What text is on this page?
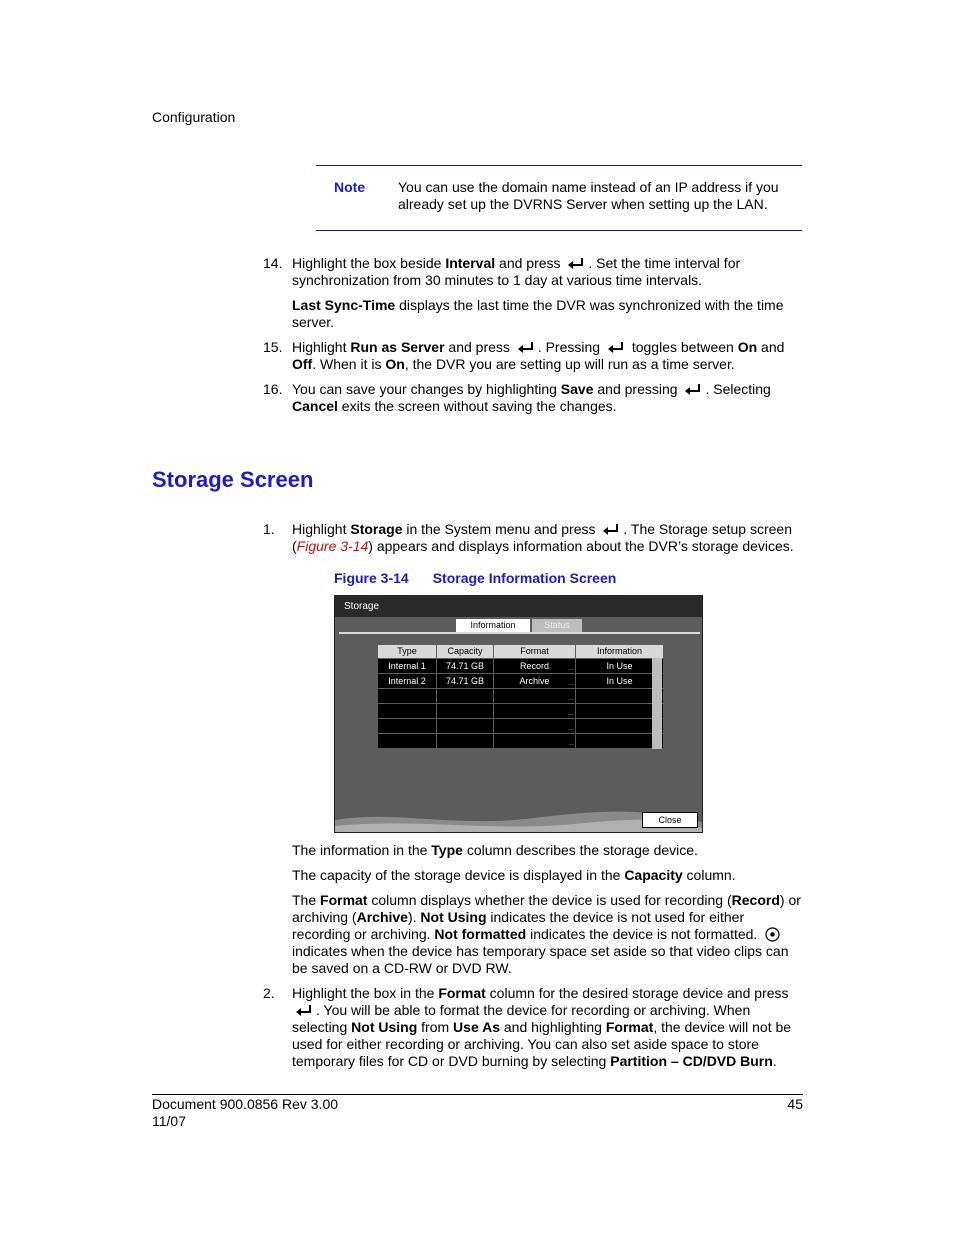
Configuration
Note You can use the domain name instead of an IP address if you already set up the DVRNS Server when setting up the LAN.
14. Highlight the box beside Interval and press
. Set the time interval for synchronization from 30 minutes to 1 day at various time intervals.
Last Sync-Time displays the last time the DVR was synchronized with the time server.
15. Highlight Run as Server and press
. Pressing
toggles between On and Off. When it is On, the DVR you are setting up will run as a time server.
16. You can save your changes by highlighting Save and pressing
. Selecting Cancel exits the screen without saving the changes.
Storage Screen
1. Highlight Storage in the System menu and press
. The Storage setup screen (Figure 3-14) appears and displays information about the DVR’s storage devices.
Figure 3-14 Storage Information Screen
Storage
Information	Status
Type	Capacity	Format	Information
Internal 1	74.71 GB	Record ...	In Use ...
Internal 2	74.71 GB	Archive ...	In Use ...
		...	...
		...	...
		...	...
		...	...
Close
The information in the Type column describes the storage device.
The capacity of the storage device is displayed in the Capacity column.
The Format column displays whether the device is used for recording (Record) or archiving (Archive). Not Using indicates the device is not used for either recording or archiving. Not formatted indicates the device is not formatted.  indicates when the device has temporary space set aside so that video clips can be saved on a CD-RW or DVD RW.
2. Highlight the box in the Format column for the desired storage device and press
. You will be able to format the device for recording or archiving. When selecting Not Using from Use As and highlighting Format, the device will not be used for either recording or archiving. You can also set aside space to store temporary files for CD or DVD burning by selecting Partition – CD/DVD Burn.
Document 900.0856 Rev 3.00
11/07
45
